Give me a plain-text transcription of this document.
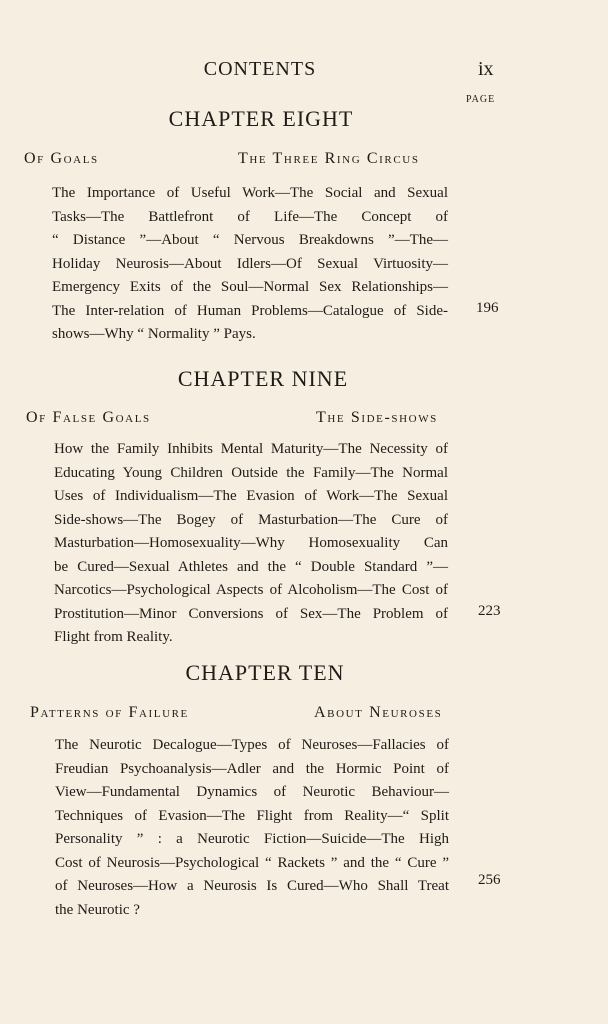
CONTENTS	ix
PAGE
CHAPTER EIGHT
Of Goals	The Three Ring Circus
The Importance of Useful Work—The Social and Sexual
Tasks—The Battlefront of Life—The Concept of
“ Distance ”—About “ Nervous Breakdowns ”—The—
Holiday Neurosis—About Idlers—Of Sexual Virtuosity—
Emergency Exits of the Soul—Normal Sex Relationships—
The Inter-relation of Human Problems—Catalogue of Side-
shows—Why “ Normality ” Pays.
196
CHAPTER NINE
Of False Goals	The Side-shows
How the Family Inhibits Mental Maturity—The Necessity of
Educating Young Children Outside the Family—The Normal
Uses of Individualism—The Evasion of Work—The Sexual
Side-shows—The Bogey of Masturbation—The Cure of
Masturbation—Homosexuality—Why Homosexuality Can
be Cured—Sexual Athletes and the “ Double Standard ”—
Narcotics—Psychological Aspects of Alcoholism—The Cost of
Prostitution—Minor Conversions of Sex—The Problem of
Flight from Reality.
223
CHAPTER TEN
Patterns of Failure	About Neuroses
The Neurotic Decalogue—Types of Neuroses—Fallacies of
Freudian Psychoanalysis—Adler and the Hormic Point of
View—Fundamental Dynamics of Neurotic Behaviour—
Techniques of Evasion—The Flight from Reality—“ Split
Personality ” : a Neurotic Fiction—Suicide—The High
Cost of Neurosis—Psychological “ Rackets ” and the “ Cure ”
of Neuroses—How a Neurosis Is Cured—Who Shall Treat
the Neurotic ?
256
